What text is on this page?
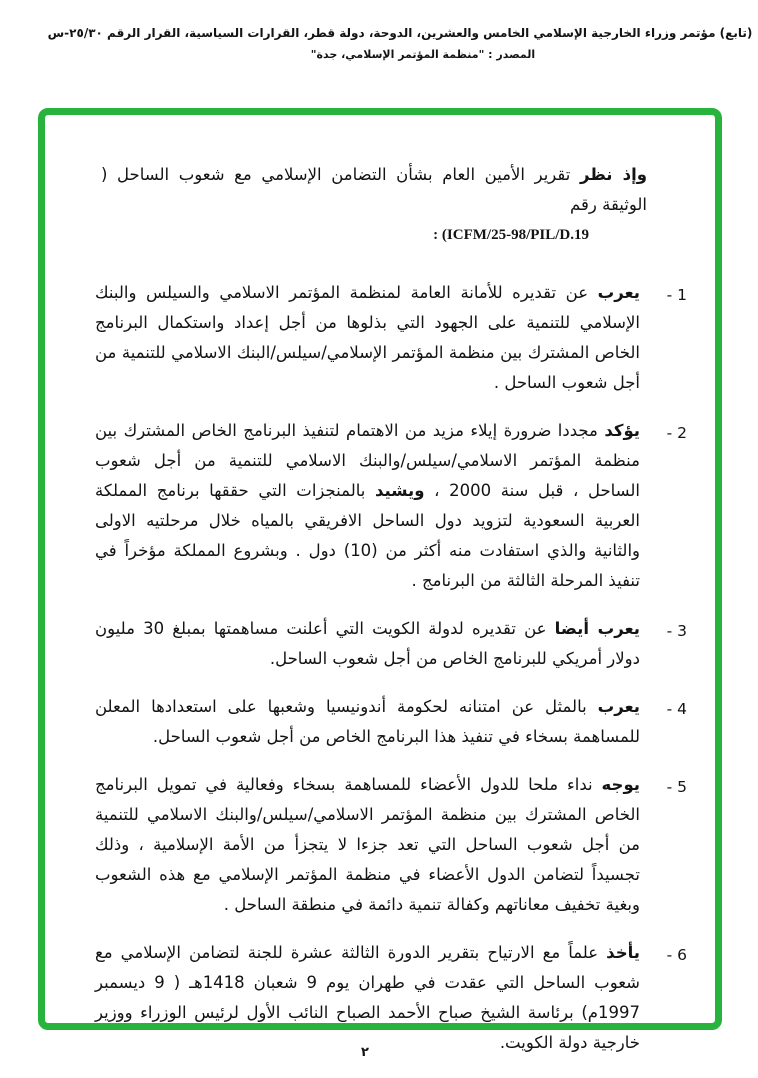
(تابع) مؤتمر وزراء الخارجية الإسلامي الخامس والعشرين، الدوحة، دولة قطر، القرارات السياسية، القرار الرقم ٢٥/٣٠-س
المصدر : "منظمة المؤتمر الإسلامي، جدة"
وإذ نظر تقرير الأمين العام بشأن التضامن الإسلامي مع شعوب الساحل ( الوثيقة رقم
: (ICFM/25-98/PIL/D.19
1 -
يعرب عن تقديره للأمانة العامة لمنظمة المؤتمر الاسلامي والسيلس والبنك الإسلامي للتنمية على الجهود التي بذلوها من أجل إعداد واستكمال البرنامج الخاص المشترك بين منظمة المؤتمر الإسلامي/سيلس/البنك الاسلامي للتنمية من أجل شعوب الساحل .
2 -
يؤكد مجددا ضرورة إيلاء مزيد من الاهتمام لتنفيذ البرنامج الخاص المشترك بين منظمة المؤتمر الاسلامي/سيلس/والبنك الاسلامي للتنمية من أجل شعوب الساحل ، قبل سنة 2000 ، ويشيد بالمنجزات التي حققها برنامج المملكة العربية السعودية لتزويد دول الساحل الافريقي بالمياه خلال مرحلتيه الاولى والثانية والذي استفادت منه أكثر من (10) دول . وبشروع المملكة مؤخراً في تنفيذ المرحلة الثالثة من البرنامج .
3 -
يعرب أيضا عن تقديره لدولة الكويت التي أعلنت مساهمتها بمبلغ 30 مليون دولار أمريكي للبرنامج الخاص من أجل شعوب الساحل.
4 -
يعرب بالمثل عن امتنانه لحكومة أندونيسيا وشعبها على استعدادها المعلن للمساهمة بسخاء في تنفيذ هذا البرنامج الخاص من أجل شعوب الساحل.
5 -
يوجه نداء ملحا للدول الأعضاء للمساهمة بسخاء وفعالية في تمويل البرنامج الخاص المشترك بين منظمة المؤتمر الاسلامي/سيلس/والبنك الاسلامي للتنمية من أجل شعوب الساحل التي تعد جزءا لا يتجزأ من الأمة الإسلامية ، وذلك تجسيداً لتضامن الدول الأعضاء في منظمة المؤتمر الإسلامي مع هذه الشعوب وبغية تخفيف معاناتهم وكفالة تنمية دائمة في منطقة الساحل .
6 -
يأخذ علماً مع الارتياح بتقرير الدورة الثالثة عشرة للجنة لتضامن الإسلامي مع شعوب الساحل التي عقدت في طهران يوم 9 شعبان 1418هـ ( 9 ديسمبر 1997م) برئاسة الشيخ صباح الأحمد الصباح النائب الأول لرئيس الوزراء ووزير خارجية دولة الكويت.
٢
